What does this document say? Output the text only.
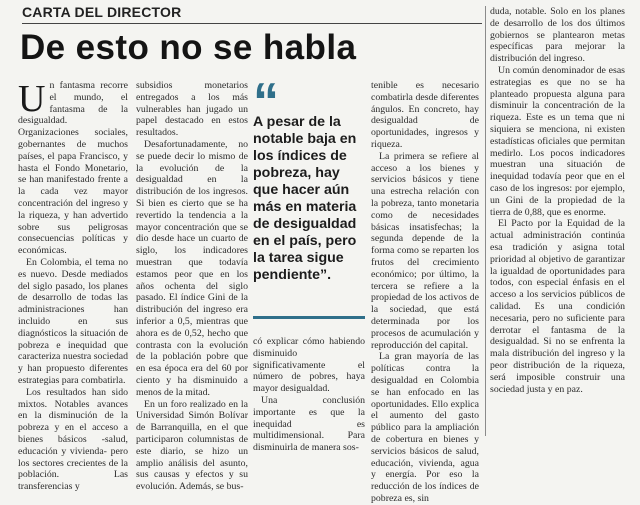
CARTA DEL DIRECTOR
De esto no se habla

Un fantasma recorre el mundo, el fantasma de la desigualdad. Organizaciones sociales, gobernantes de muchos países, el papa Francisco, y hasta el Fondo Monetario, se han manifestado frente a la cada vez mayor concentración del ingreso y la riqueza, y han advertido sobre sus peligrosas consecuencias políticas y económicas.

En Colombia, el tema no es nuevo. Desde mediados del siglo pasado, los planes de desarrollo de todas las administraciones han incluido en sus diagnósticos la situación de pobreza e inequidad que caracteriza nuestra sociedad y han propuesto diferentes estrategias para combatirla.

Los resultados han sido mixtos. Notables avances en la disminución de la pobreza y en el acceso a bienes básicos -salud, educación y vivienda- pero los sectores crecientes de la población. Las transferencias y

subsidios monetarios entregados a los más vulnerables han jugado un papel destacado en estos resultados.

Desafortunadamente, no se puede decir lo mismo de la evolución de la desigualdad en la distribución de los ingresos. Si bien es cierto que se ha revertido la tendencia a la mayor concentración que se dio desde hace un cuarto de siglo, los indicadores muestran que todavía estamos peor que en los años ochenta del siglo pasado. El índice Gini de la distribución del ingreso era inferior a 0,5, mientras que ahora es de 0,52, hecho que contrasta con la evolución de la población pobre que en esa época era del 60 por ciento y ha disminuido a menos de la mitad.

En un foro realizado en la Universidad Simón Bolívar de Barranquilla, en el que participaron columnistas de este diario, se hizo un amplio análisis del asunto, sus causas y efectos y su evolución. Además, se bus-

“

A pesar de la notable baja en los índices de pobreza, hay que hacer aún más en materia de desigualdad en el país, pero la tarea sigue pendiente”.

có explicar cómo habiendo disminuido significativamente el número de pobres, haya mayor desigualdad.

Una conclusión importante es que la inequidad es multidimensional. Para disminuirla de manera sos-

tenible es necesario combatirla desde diferentes ángulos. En concreto, hay desigualdad de oportunidades, ingresos y riqueza.

La primera se refiere al acceso a los bienes y servicios básicos y tiene una estrecha relación con la pobreza, tanto monetaria como de necesidades básicas insatisfechas; la segunda depende de la forma como se reparten los frutos del crecimiento económico; por último, la tercera se refiere a la propiedad de los activos de la sociedad, que está determinada por los procesos de acumulación y reproducción del capital.

La gran mayoría de las políticas contra la desigualdad en Colombia se han enfocado en las oportunidades. Ello explica el aumento del gasto público para la ampliación de cobertura en bienes y servicios básicos de salud, educación, vivienda, agua y energía. Por eso la reducción de los índices de pobreza es, sin

duda, notable. Solo en los planes de desarrollo de los dos últimos gobiernos se plantearon metas específicas para mejorar la distribución del ingreso.

Un común denominador de esas estrategias es que no se ha planteado propuesta alguna para disminuir la concentración de la riqueza. Este es un tema que ni siquiera se menciona, ni existen estadísticas oficiales que permitan medirlo. Los pocos indicadores muestran una situación de inequidad todavía peor que en el caso de los ingresos: por ejemplo, un Gini de la propiedad de la tierra de 0,88, que es enorme.

El Pacto por la Equidad de la actual administración continúa esa tradición y asigna total prioridad al objetivo de garantizar la igualdad de oportunidades para todos, con especial énfasis en el acceso a los servicios públicos de calidad. Es una condición necesaria, pero no suficiente para derrotar el fantasma de la desigualdad. Si no se enfrenta la mala distribución del ingreso y la peor distribución de la riqueza, será imposible construir una sociedad justa y en paz.
